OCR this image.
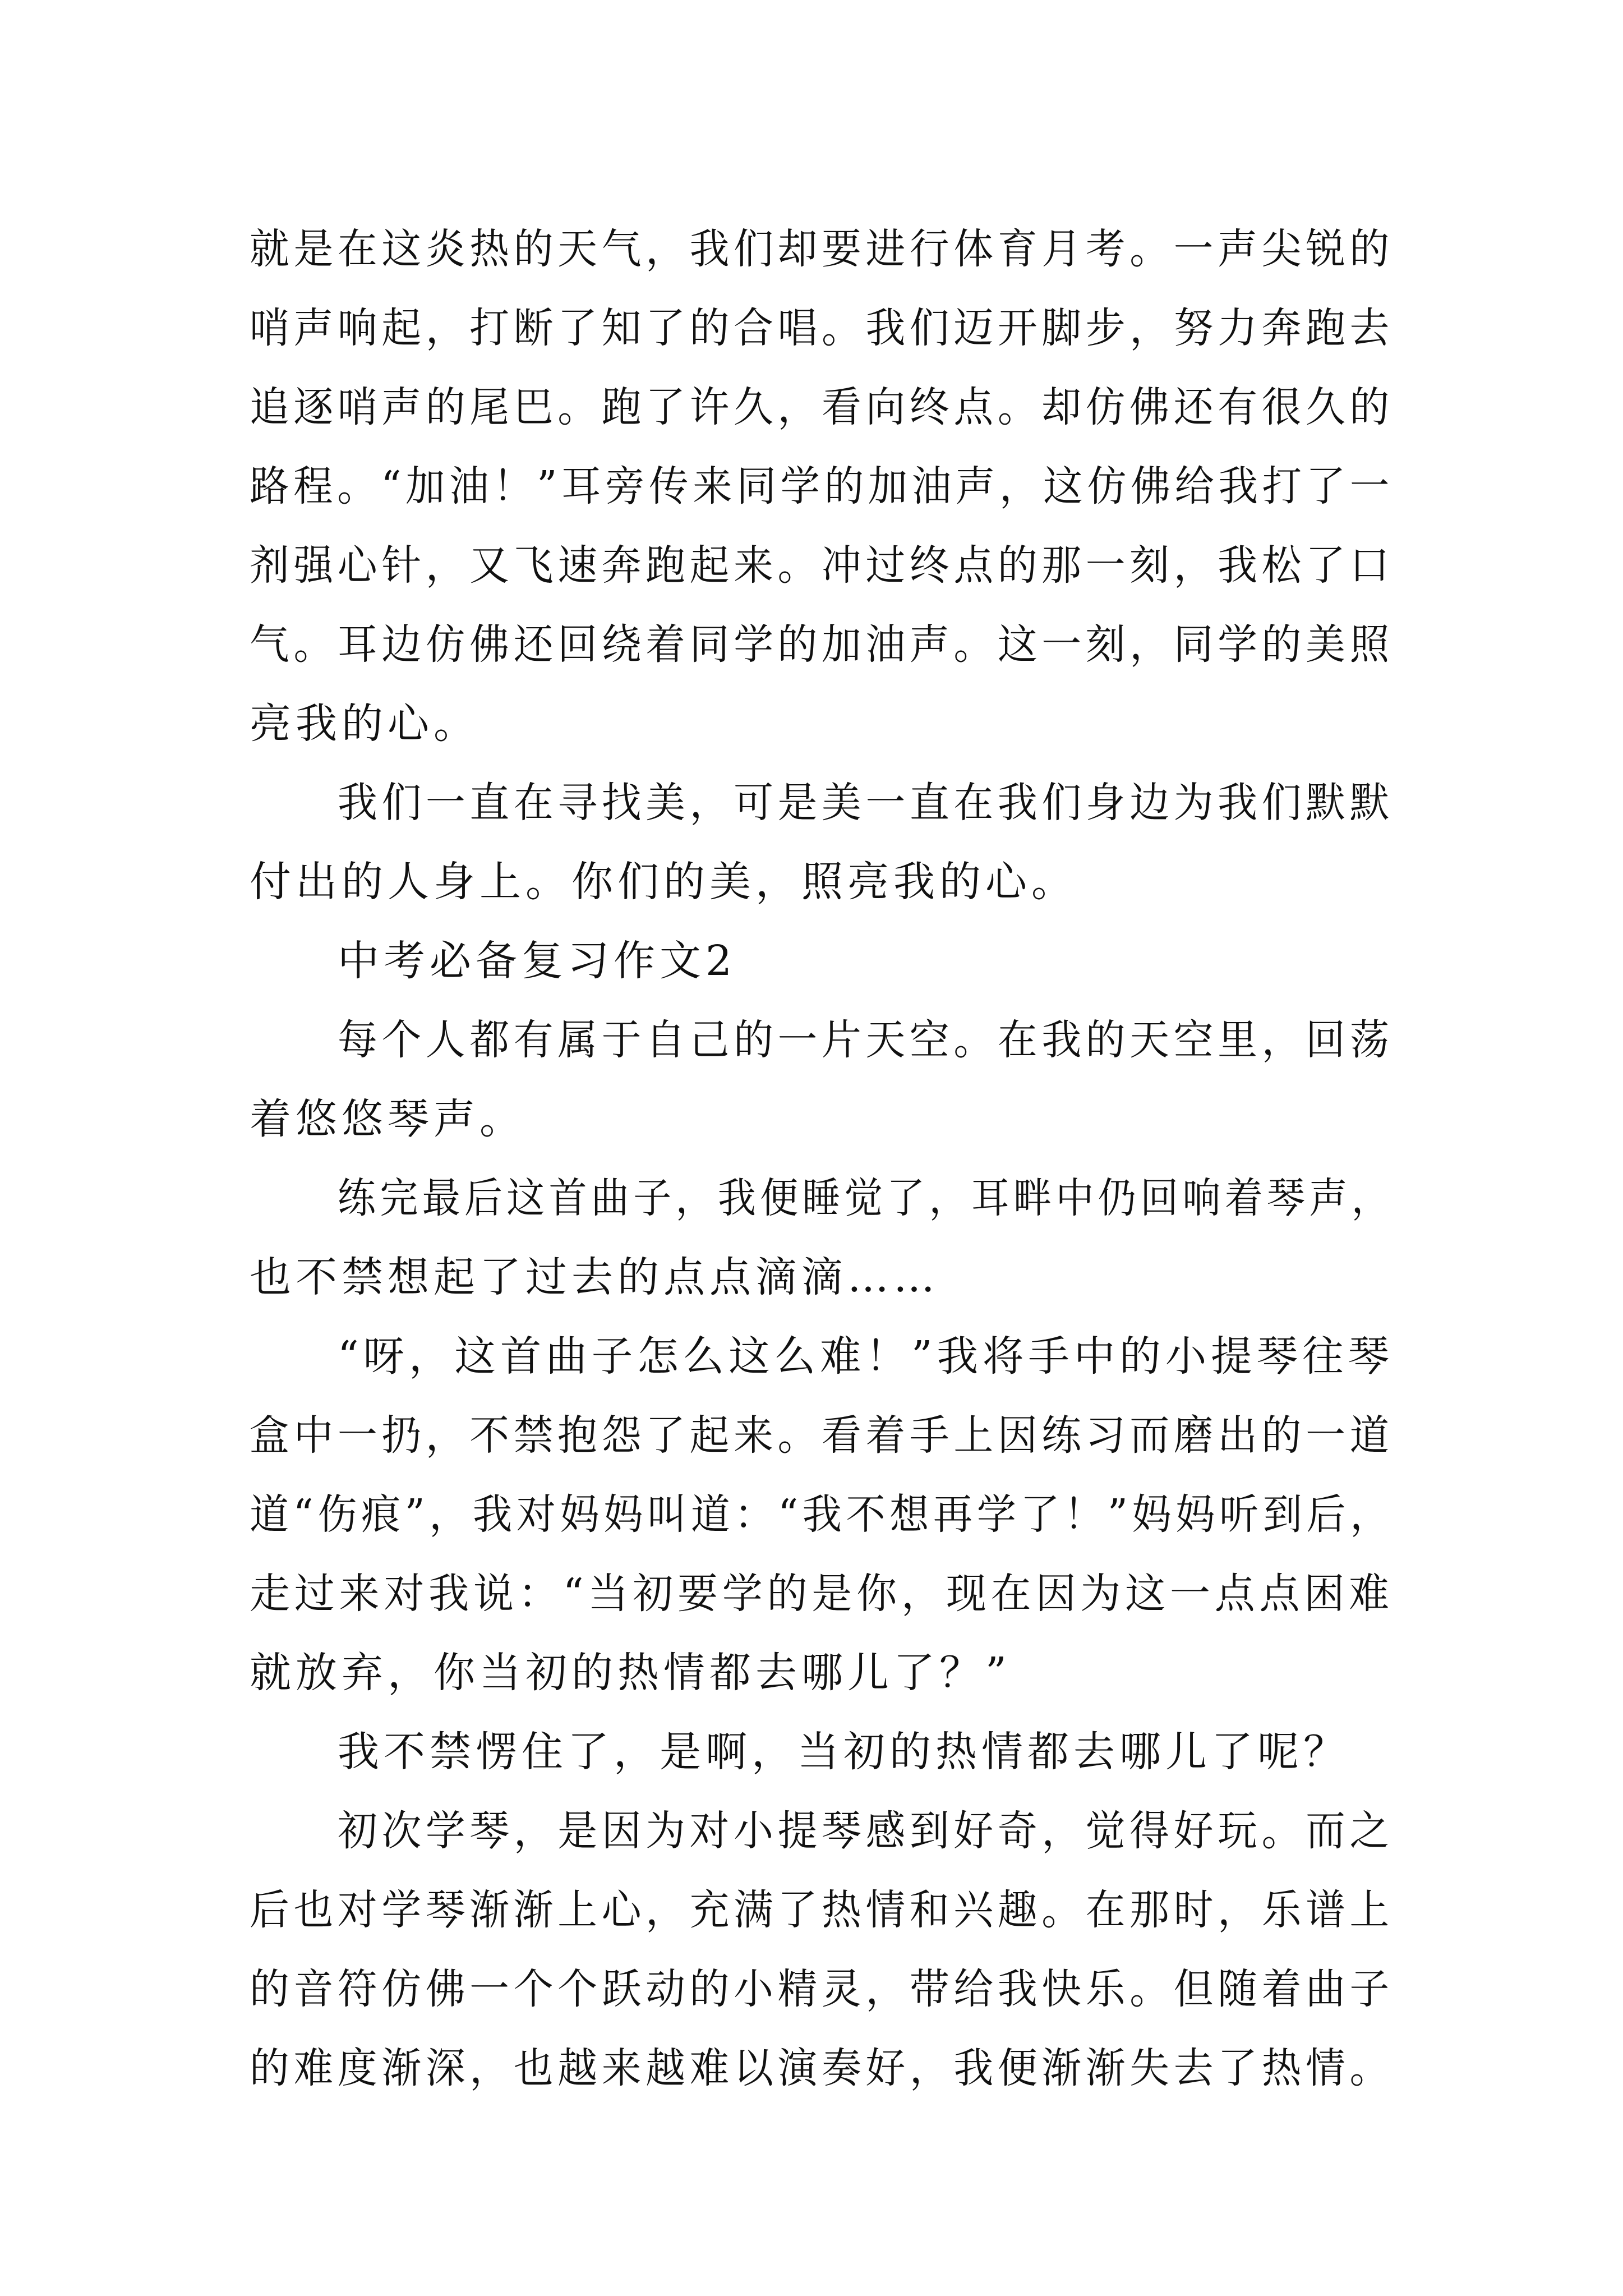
就是在这炎热的天气，我们却要进行体育月考。一声尖锐的
哨声响起，打断了知了的合唱。我们迈开脚步，努力奔跑去
追逐哨声的尾巴。跑了许久，看向终点。却仿佛还有很久的
路程。“加油！”耳旁传来同学的加油声，这仿佛给我打了一
剂强心针，又飞速奔跑起来。冲过终点的那一刻，我松了口
气。耳边仿佛还回绕着同学的加油声。这一刻，同学的美照
亮我的心。
我们一直在寻找美，可是美一直在我们身边为我们默默
付出的人身上。你们的美，照亮我的心。
中考必备复习作文2
每个人都有属于自己的一片天空。在我的天空里，回荡
着悠悠琴声。
练完最后这首曲子，我便睡觉了，耳畔中仍回响着琴声，
也不禁想起了过去的点点滴滴……
“呀，这首曲子怎么这么难！”我将手中的小提琴往琴
盒中一扔，不禁抱怨了起来。看着手上因练习而磨出的一道
道“伤痕”，我对妈妈叫道：“我不想再学了！”妈妈听到后，
走过来对我说：“当初要学的是你，现在因为这一点点困难
就放弃，你当初的热情都去哪儿了？”
我不禁愣住了，是啊，当初的热情都去哪儿了呢？
初次学琴，是因为对小提琴感到好奇，觉得好玩。而之
后也对学琴渐渐上心，充满了热情和兴趣。在那时，乐谱上
的音符仿佛一个个跃动的小精灵，带给我快乐。但随着曲子
的难度渐深，也越来越难以演奏好，我便渐渐失去了热情。
